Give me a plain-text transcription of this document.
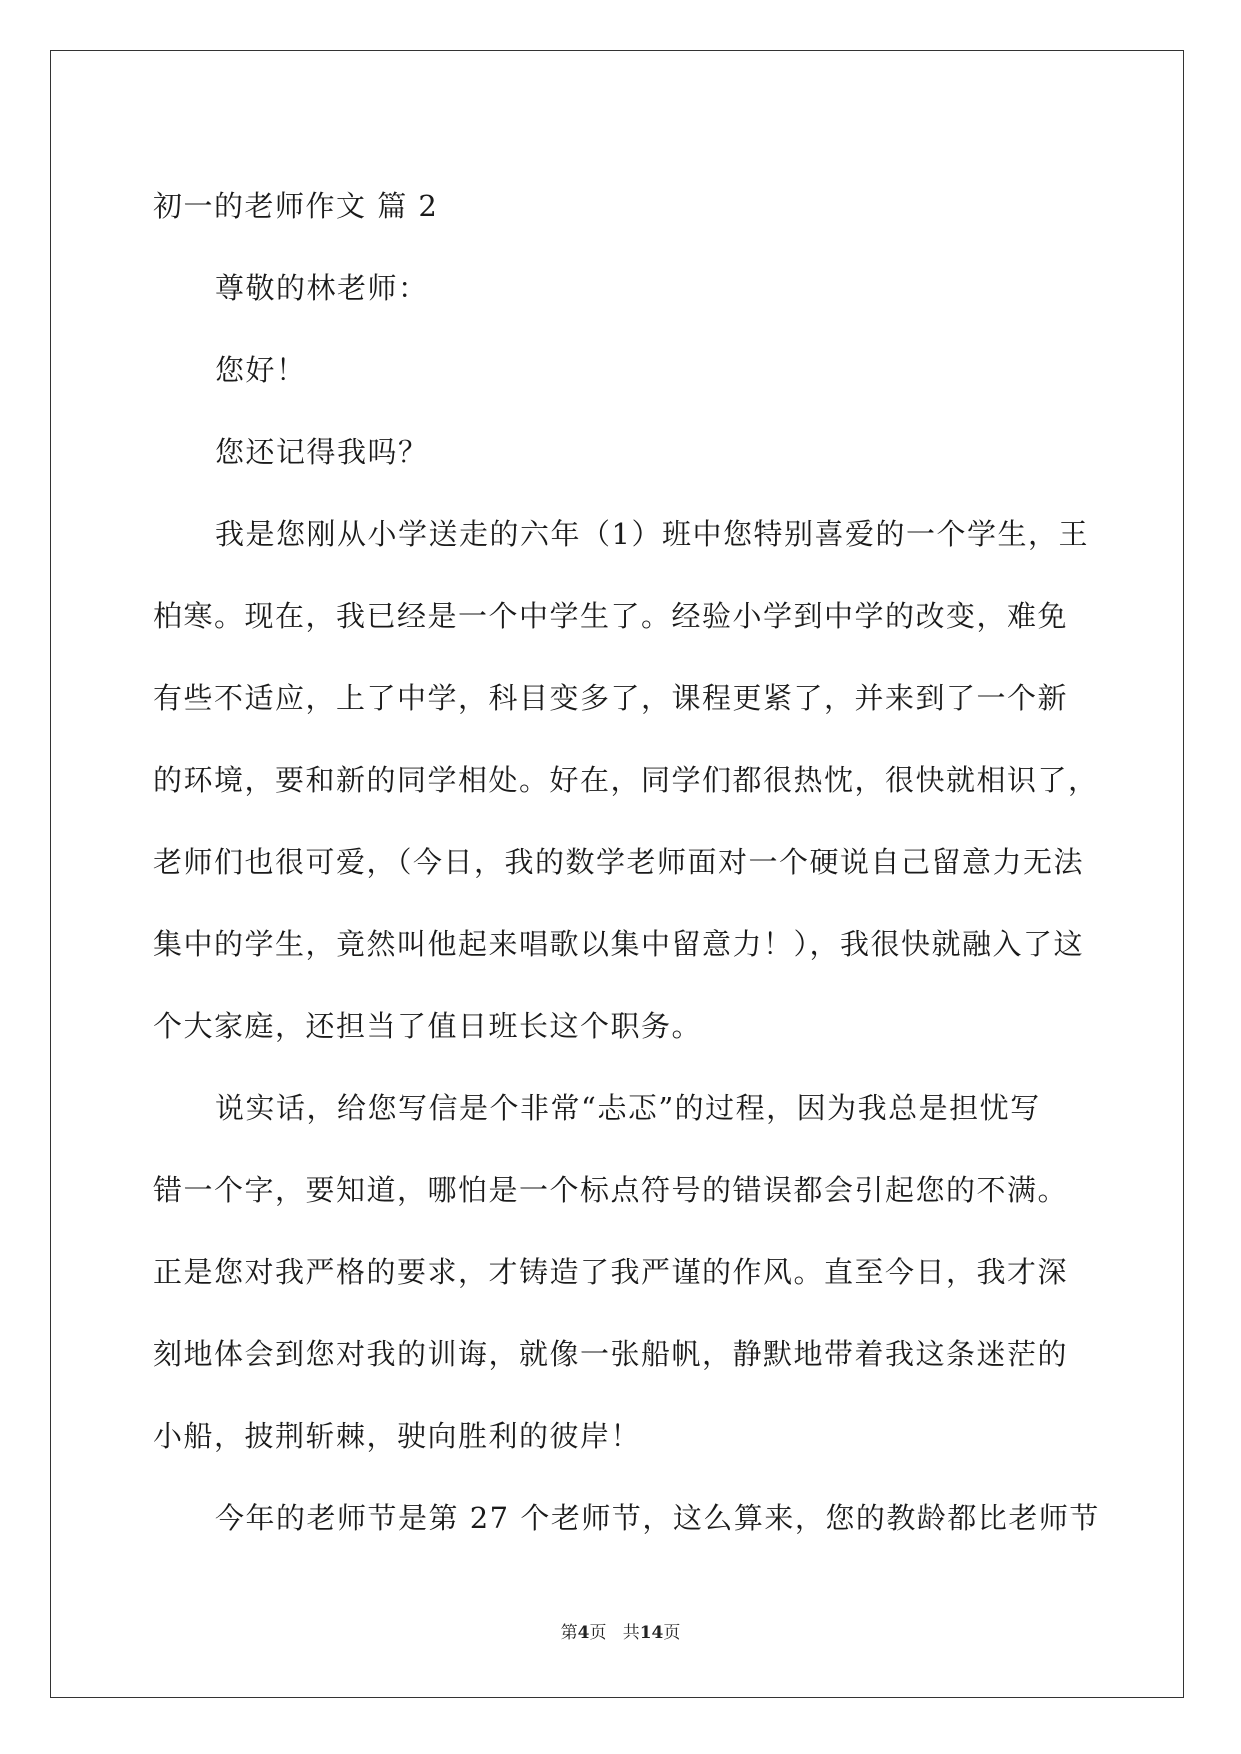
初一的老师作文 篇 2
尊敬的林老师：
您好！
您还记得我吗？
我是您刚从小学送走的六年（1）班中您特别喜爱的一个学生，王
柏寒。现在，我已经是一个中学生了。经验小学到中学的改变，难免
有些不适应，上了中学，科目变多了，课程更紧了，并来到了一个新
的环境，要和新的同学相处。好在，同学们都很热忱，很快就相识了，
老师们也很可爱，（今日，我的数学老师面对一个硬说自己留意力无法
集中的学生，竟然叫他起来唱歌以集中留意力！），我很快就融入了这
个大家庭，还担当了值日班长这个职务。
说实话，给您写信是个非常“忐忑”的过程，因为我总是担忧写
错一个字，要知道，哪怕是一个标点符号的错误都会引起您的不满。
正是您对我严格的要求，才铸造了我严谨的作风。直至今日，我才深
刻地体会到您对我的训诲，就像一张船帆，静默地带着我这条迷茫的
小船，披荆斩棘，驶向胜利的彼岸！
今年的老师节是第 27 个老师节，这么算来，您的教龄都比老师节
第4页 共14页
